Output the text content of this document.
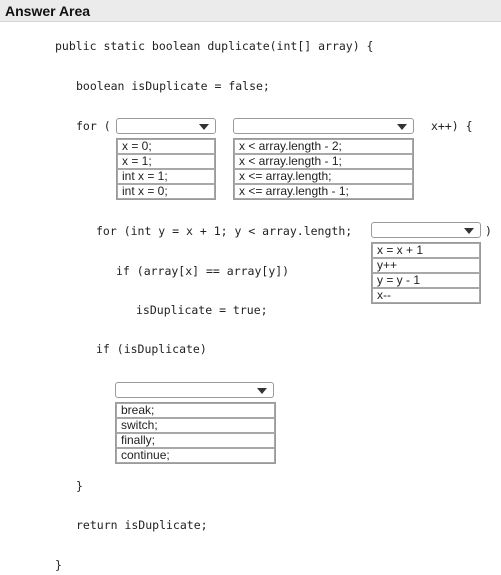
Answer Area
public static boolean duplicate(int[] array) {
boolean isDuplicate = false;
for (
x = 0;
x = 1;
int x = 1;
int x = 0;
x < array.length - 2;
x < array.length - 1;
x <= array.length;
x <= array.length - 1;
x++) {
for (int y = x + 1; y < array.length;	)
x = x + 1
y++
y = y - 1
x--
if (array[x] == array[y])
isDuplicate = true;
if (isDuplicate)
break;
switch;
finally;
continue;
}
return isDuplicate;
}
